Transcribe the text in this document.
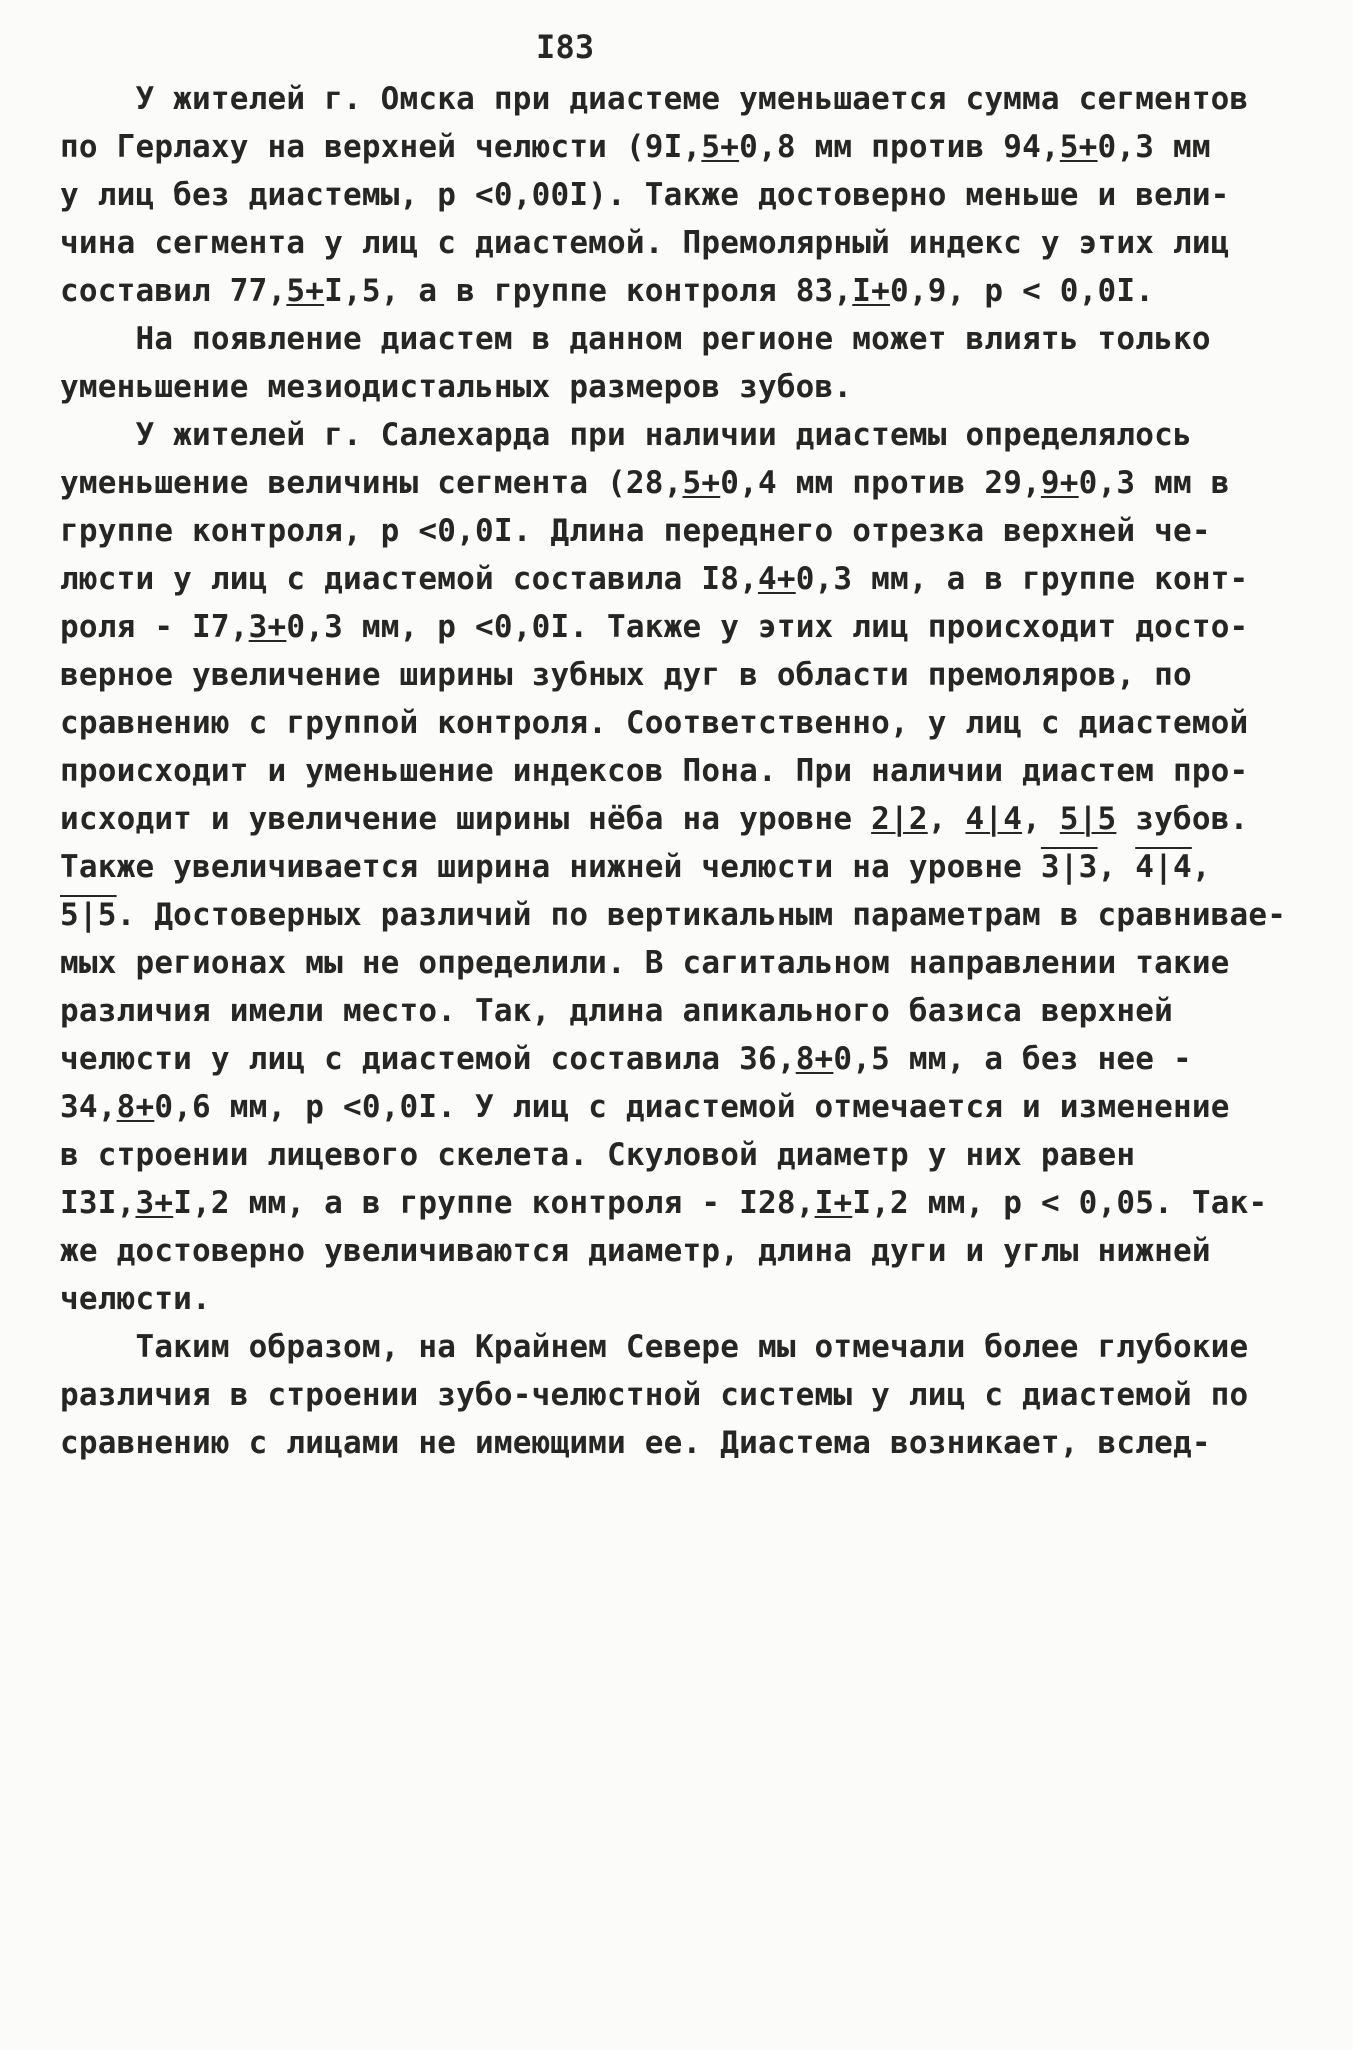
I83
У жителей г. Омска при диастеме уменьшается сумма сегментов
по Герлаху на верхней челюсти (9I,5+0,8 мм против 94,5+0,3 мм
у лиц без диастемы, р <0,00I). Также достоверно меньше и вели-
чина сегмента у лиц с диастемой. Премолярный индекс у этих лиц
составил 77,5+I,5, а в группе контроля 83,I+0,9, р < 0,0I.
На появление диастем в данном регионе может влиять только
уменьшение мезиодистальных размеров зубов.
У жителей г. Салехарда при наличии диастемы определялось
уменьшение величины сегмента (28,5+0,4 мм против 29,9+0,3 мм в
группе контроля, р <0,0I. Длина переднего отрезка верхней че-
люсти у лиц с диастемой составила I8,4+0,3 мм, а в группе конт-
роля - I7,3+0,3 мм, р <0,0I. Также у этих лиц происходит досто-
верное увеличение ширины зубных дуг в области премоляров, по
сравнению с группой контроля. Соответственно, у лиц с диастемой
происходит и уменьшение индексов Пона. При наличии диастем про-
исходит и увеличение ширины нёба на уровне 2|2, 4|4, 5|5 зубов.
Также увеличивается ширина нижней челюсти на уровне 3|3, 4|4,
5|5. Достоверных различий по вертикальным параметрам в сравнивае-
мых регионах мы не определили. В сагитальном направлении такие
различия имели место. Так, длина апикального базиса верхней
челюсти у лиц с диастемой составила 36,8+0,5 мм, а без нее -
34,8+0,6 мм, р <0,0I. У лиц с диастемой отмечается и изменение
в строении лицевого скелета. Скуловой диаметр у них равен
I3I,3+I,2 мм, а в группе контроля - I28,I+I,2 мм, р < 0,05. Так-
же достоверно увеличиваются диаметр, длина дуги и углы нижней
челюсти.
Таким образом, на Крайнем Севере мы отмечали более глубокие
различия в строении зубо-челюстной системы у лиц с диастемой по
сравнению с лицами не имеющими ее. Диастема возникает, вслед-
